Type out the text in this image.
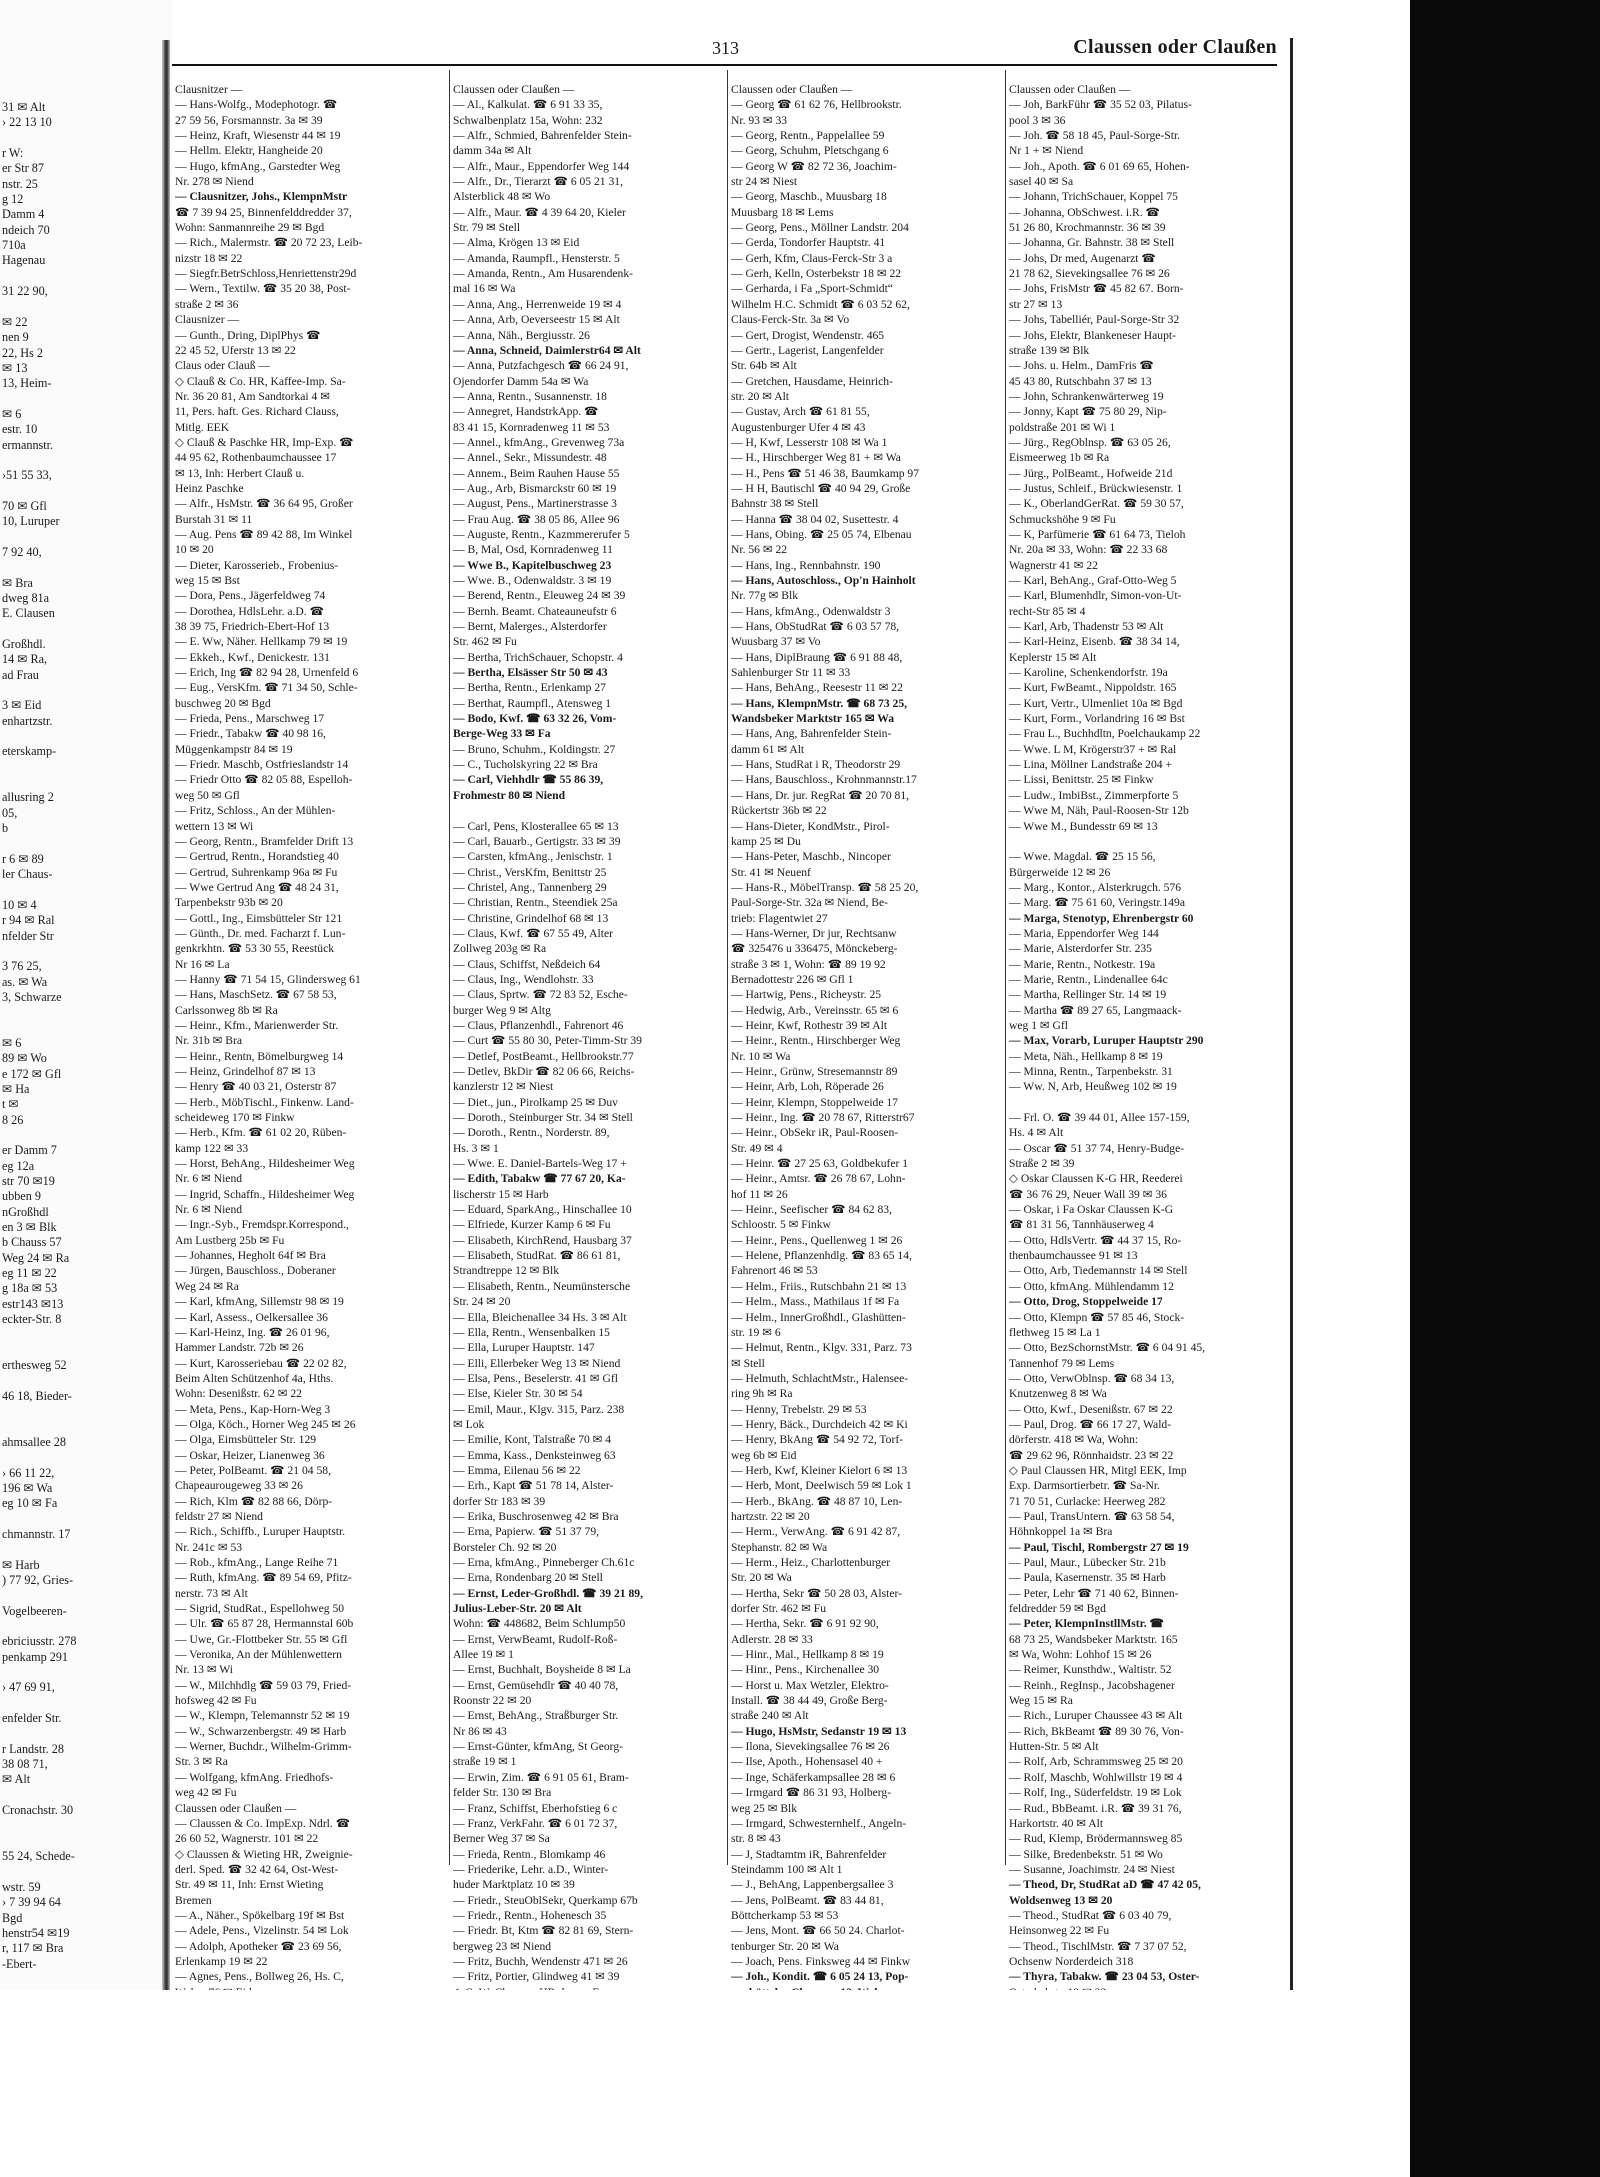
31 ✉ Alt
› 22 13 10
r W:
er Str 87
nstr. 25
g 12
Damm 4
ndeich 70
710a
Hagenau
31 22 90,
✉ 22
nen 9
22, Hs 2
✉ 13
13, Heim-
✉ 6
estr. 10
ermannstr.
›51 55 33,
70 ✉ Gfl
10, Luruper
7 92 40,
✉ Bra
dweg 81a
E. Clausen
Großhdl.
14 ✉ Ra,
ad Frau
3 ✉ Eid
enhartzstr.
eterskamp-
allusring 2
05,
b
r 6 ✉ 89
ler Chaus-
10 ✉ 4
r 94 ✉ Ral
nfelder Str
3 76 25,
as. ✉ Wa
3, Schwarze
✉ 6
89 ✉ Wo
e 172 ✉ Gfl
✉ Ha
t ✉
8 26
er Damm 7
eg 12a
str 70 ✉19
ubben 9
nGroßhdl
en 3 ✉ Blk
b Chauss 57
Weg 24 ✉ Ra
eg 11 ✉ 22
g 18a ✉ 53
estr143 ✉13
eckter-Str. 8
erthesweg 52
46 18, Bieder-
ahmsallee 28
› 66 11 22,
196 ✉ Wa
eg 10 ✉ Fa
chmannstr. 17
✉ Harb
) 77 92, Gries-
Vogelbeeren-
ebriciusstr. 278
penkamp 291
› 47 69 91,
enfelder Str.
r Landstr. 28
38 08 71,
✉ Alt
Cronachstr. 30
55 24, Schede-
wstr. 59
› 7 39 94 64
Bgd
henstr54 ✉19
r, 117 ✉ Bra
-Ebert-
313	Claussen oder Claußen
Clausnitzer —
— Hans-Wolfg., Modephotogr. ☎
27 59 56, Forsmannstr. 3a ✉ 39
— Heinz, Kraft, Wiesenstr 44 ✉ 19
— Hellm. Elektr, Hangheide 20
— Hugo, kfmAng., Garstedter Weg
Nr. 278 ✉ Niend
— Clausnitzer, Johs., KlempnMstr
☎ 7 39 94 25, Binnenfelddredder 37,
Wohn: Sanmannreihe 29 ✉ Bgd
— Rich., Malermstr. ☎ 20 72 23, Leib-
nizstr 18 ✉ 22
— Siegfr.BetrSchloss,Henriettenstr29d
— Wern., Textilw. ☎ 35 20 38, Post-
straße 2 ✉ 36
Clausnizer —
— Gunth., Dring, DiplPhys ☎
22 45 52, Uferstr 13 ✉ 22
Claus oder Clauß —
◇ Clauß & Co. HR, Kaffee-Imp. Sa-
Nr. 36 20 81, Am Sandtorkai 4 ✉
11, Pers. haft. Ges. Richard Clauss,
Mitlg. EEK
◇ Clauß & Paschke HR, Imp-Exp. ☎
44 95 62, Rothenbaumchaussee 17
✉ 13, Inh: Herbert Clauß u.
Heinz Paschke
— Alfr., HsMstr. ☎ 36 64 95, Großer
Burstah 31 ✉ 11
— Aug. Pens ☎ 89 42 88, Im Winkel
10 ✉ 20
— Dieter, Karosserieb., Frobenius-
weg 15 ✉ Bst
— Dora, Pens., Jägerfeldweg 74
— Dorothea, HdlsLehr. a.D. ☎
38 39 75, Friedrich-Ebert-Hof 13
— E. Ww, Näher. Hellkamp 79 ✉ 19
— Ekkeh., Kwf., Denickestr. 131
— Erich, Ing ☎ 82 94 28, Urnenfeld 6
— Eug., VersKfm. ☎ 71 34 50, Schle-
buschweg 20 ✉ Bgd
— Frieda, Pens., Marschweg 17
— Friedr., Tabakw ☎ 40 98 16,
Müggenkampstr 84 ✉ 19
— Friedr. Maschb, Ostfrieslandstr 14
— Friedr Otto ☎ 82 05 88, Espelloh-
weg 50 ✉ Gfl
— Fritz, Schloss., An der Mühlen-
wettern 13 ✉ Wi
— Georg, Rentn., Bramfelder Drift 13
— Gertrud, Rentn., Horandstieg 40
— Gertrud, Suhrenkamp 96a ✉ Fu
— Wwe Gertrud Ang ☎ 48 24 31,
Tarpenbekstr 93b ✉ 20
— Gottl., Ing., Eimsbütteler Str 121
— Günth., Dr. med. Facharzt f. Lun-
genkrkhtn. ☎ 53 30 55, Reestück
Nr 16 ✉ La
— Hanny ☎ 71 54 15, Glindersweg 61
— Hans, MaschSetz. ☎ 67 58 53,
Carlssonweg 8b ✉ Ra
— Heinr., Kfm., Marienwerder Str.
Nr. 31b ✉ Bra
— Heinr., Rentn, Bömelburgweg 14
— Heinz, Grindelhof 87 ✉ 13
— Henry ☎ 40 03 21, Osterstr 87
— Herb., MöbTischl., Finkenw. Land-
scheideweg 170 ✉ Finkw
— Herb., Kfm. ☎ 61 02 20, Rüben-
kamp 122 ✉ 33
— Horst, BehAng., Hildesheimer Weg
Nr. 6 ✉ Niend
— Ingrid, Schaffn., Hildesheimer Weg
Nr. 6 ✉ Niend
— Ingr.-Syb., Fremdspr.Korrespond.,
Am Lustberg 25b ✉ Fu
— Johannes, Hegholt 64f ✉ Bra
— Jürgen, Bauschloss., Doberaner
Weg 24 ✉ Ra
— Karl, kfmAng, Sillemstr 98 ✉ 19
— Karl, Assess., Oelkersallee 36
— Karl-Heinz, Ing. ☎ 26 01 96,
Hammer Landstr. 72b ✉ 26
— Kurt, Karosseriebau ☎ 22 02 82,
Beim Alten Schützenhof 4a, Hths.
Wohn: Desenißstr. 62 ✉ 22
— Meta, Pens., Kap-Horn-Weg 3
— Olga, Köch., Horner Weg 245 ✉ 26
— Olga, Eimsbütteler Str. 129
— Oskar, Heizer, Lianenweg 36
— Peter, PolBeamt. ☎ 21 04 58,
Chapeaurougeweg 33 ✉ 26
— Rich, Klm ☎ 82 88 66, Dörp-
feldstr 27 ✉ Niend
— Rich., Schiffb., Luruper Hauptstr.
Nr. 241c ✉ 53
— Rob., kfmAng., Lange Reihe 71
— Ruth, kfmAng. ☎ 89 54 69, Pfitz-
nerstr. 73 ✉ Alt
— Sigrid, StudRat., Espellohweg 50
— Ulr. ☎ 65 87 28, Hermannstal 60b
— Uwe, Gr.-Flottbeker Str. 55 ✉ Gfl
— Veronika, An der Mühlenwettern
Nr. 13 ✉ Wi
— W., Milchhdlg ☎ 59 03 79, Fried-
hofsweg 42 ✉ Fu
— W., Klempn, Telemannstr 52 ✉ 19
— W., Schwarzenbergstr. 49 ✉ Harb
— Werner, Buchdr., Wilhelm-Grimm-
Str. 3 ✉ Ra
— Wolfgang, kfmAng. Friedhofs-
weg 42 ✉ Fu
Claussen oder Claußen —
— Claussen & Co. ImpExp. Ndrl. ☎
26 60 52, Wagnerstr. 101 ✉ 22
◇ Claussen & Wieting HR, Zweignie-
derl. Sped. ☎ 32 42 64, Ost-West-
Str. 49 ✉ 11, Inh: Ernst Wieting
Bremen
— A., Näher., Spökelbarg 19f ✉ Bst
— Adele, Pens., Vizelinstr. 54 ✉ Lok
— Adolph, Apotheker ☎ 23 69 56,
Erlenkamp 19 ✉ 22
— Agnes, Pens., Bollweg 26, Hs. C,
Claussen oder Claußen —
— Al., Kalkulat. ☎ 6 91 33 35,
Schwalbenplatz 15a, Wohn: 232
— Alfr., Schmied, Bahrenfelder Stein-
damm 34a ✉ Alt
— Alfr., Maur., Eppendorfer Weg 144
— Alfr., Dr., Tierarzt ☎ 6 05 21 31,
Alsterblick 48 ✉ Wo
— Alfr., Maur. ☎ 4 39 64 20, Kieler
Str. 79 ✉ Stell
— Alma, Krögen 13 ✉ Eid
— Amanda, Raumpfl., Hensterstr. 5
— Amanda, Rentn., Am Husarendenk-
mal 16 ✉ Wa
— Anna, Ang., Herrenweide 19 ✉ 4
— Anna, Arb, Oeverseestr 15 ✉ Alt
— Anna, Näh., Bergiusstr. 26
— Anna, Schneid, Daimlerstr64 ✉ Alt
— Anna, Putzfachgesch ☎ 66 24 91,
Ojendorfer Damm 54a ✉ Wa
— Anna, Rentn., Susannenstr. 18
— Annegret, HandstrkApp. ☎
83 41 15, Kornradenweg 11 ✉ 53
— Annel., kfmAng., Grevenweg 73a
— Annel., Sekr., Missundestr. 48
— Annem., Beim Rauhen Hause 55
— Aug., Arb, Bismarckstr 60 ✉ 19
— August, Pens., Martinerstrasse 3
— Frau Aug. ☎ 38 05 86, Allee 96
— Auguste, Rentn., Kazmmererufer 5
— B, Mal, Osd, Kornradenweg 11
— Wwe B., Kapitelbuschweg 23
— Wwe. B., Odenwaldstr. 3 ✉ 19
— Berend, Rentn., Eleuweg 24 ✉ 39
— Bernh. Beamt. Chateauneufstr 6
— Bernt, Malerges., Alsterdorfer
Str. 462 ✉ Fu
— Bertha, TrichSchauer, Schopstr. 4
— Bertha, Elsässer Str 50 ✉ 43
— Bertha, Rentn., Erlenkamp 27
— Berthat, Raumpfl., Atensweg 1
— Bodo, Kwf. ☎ 63 32 26, Vom-
Berge-Weg 33 ✉ Fa
— Bruno, Schuhm., Koldingstr. 27
— C., Tucholskyring 22 ✉ Bra
— Carl, Viehhdlr ☎ 55 86 39,
Frohmestr 80 ✉ Niend
— Carl, Pens, Klosterallee 65 ✉ 13
— Carl, Bauarb., Gertigstr. 33 ✉ 39
— Carsten, kfmAng., Jenischstr. 1
— Christ., VersKfm, Benittstr 25
— Christel, Ang., Tannenberg 29
— Christian, Rentn., Steendiek 25a
— Christine, Grindelhof 68 ✉ 13
— Claus, Kwf. ☎ 67 55 49, Alter
Zollweg 203g ✉ Ra
— Claus, Schiffst, Neßdeich 64
— Claus, Ing., Wendlohstr. 33
— Claus, Sprtw. ☎ 72 83 52, Esche-
burger Weg 9 ✉ Altg
— Claus, Pflanzenhdl., Fahrenort 46
— Curt ☎ 55 80 30, Peter-Timm-Str 39
— Detlef, PostBeamt., Hellbrookstr.77
— Detlev, BkDir ☎ 82 06 66, Reichs-
kanzlerstr 12 ✉ Niest
— Diet., jun., Pirolkamp 25 ✉ Duv
— Doroth., Steinburger Str. 34 ✉ Stell
— Doroth., Rentn., Norderstr. 89,
Hs. 3 ✉ 1
— Wwe. E. Daniel-Bartels-Weg 17 +
— Edith, Tabakw ☎ 77 67 20, Ka-
lischerstr 15 ✉ Harb
— Eduard, SparkAng., Hinschallee 10
— Elfriede, Kurzer Kamp 6 ✉ Fu
— Elisabeth, KirchRend, Hausbarg 37
— Elisabeth, StudRat. ☎ 86 61 81,
Strandtreppe 12 ✉ Blk
— Elisabeth, Rentn., Neumünstersche
Str. 24 ✉ 20
— Ella, Bleichenallee 34 Hs. 3 ✉ Alt
— Ella, Rentn., Wensenbalken 15
— Ella, Luruper Hauptstr. 147
— Elli, Ellerbeker Weg 13 ✉ Niend
— Elsa, Pens., Beselerstr. 41 ✉ Gfl
— Else, Kieler Str. 30 ✉ 54
— Emil, Maur., Klgv. 315, Parz. 238
✉ Lok
— Emilie, Kont, Talstraße 70 ✉ 4
— Emma, Kass., Denksteinweg 63
— Emma, Eilenau 56 ✉ 22
— Erh., Kapt ☎ 51 78 14, Alster-
dorfer Str 183 ✉ 39
— Erika, Buschrosenweg 42 ✉ Bra
— Erna, Papierw. ☎ 51 37 79,
Borsteler Ch. 92 ✉ 20
— Erna, kfmAng., Pinneberger Ch.61c
— Erna, Rondenbarg 20 ✉ Stell
— Ernst, Leder-Großhdl. ☎ 39 21 89,
Julius-Leber-Str. 20 ✉ Alt
Wohn: ☎ 448682, Beim Schlump50
— Ernst, VerwBeamt, Rudolf-Roß-
Allee 19 ✉ 1
— Ernst, Buchhalt, Boysheide 8 ✉ La
— Ernst, Gemüsehdlr ☎ 40 40 78,
Roonstr 22 ✉ 20
— Ernst, BehAng., Straßburger Str.
Nr 86 ✉ 43
— Ernst-Günter, kfmAng, St Georg-
straße 19 ✉ 1
— Erwin, Zim. ☎ 6 91 05 61, Bram-
felder Str. 130 ✉ Bra
— Franz, Schiffst, Eberhofstieg 6 c
— Franz, VerkFahr. ☎ 6 01 72 37,
Berner Weg 37 ✉ Sa
— Frieda, Rentn., Blomkamp 46
— Friederike, Lehr. a.D., Winter-
huder Marktplatz 10 ✉ 39
— Friedr., SteuOblSekr, Querkamp 67b
— Friedr., Rentn., Hohenesch 35
— Friedr. Bt, Ktm ☎ 82 81 69, Stern-
bergweg 23 ✉ Niend
— Fritz, Buchh, Wendenstr 471 ✉ 26
— Fritz, Portier, Glindweg 41 ✉ 39
Claussen oder Claußen —
— Georg ☎ 61 62 76, Hellbrookstr.
Nr. 93 ✉ 33
— Georg, Rentn., Pappelallee 59
— Georg, Schuhm, Pletschgang 6
— Georg W ☎ 82 72 36, Joachim-
str 24 ✉ Niest
— Georg, Maschb., Muusbarg 18
Muusbarg 18 ✉ Lems
— Georg, Pens., Möllner Landstr. 204
— Gerda, Tondorfer Hauptstr. 41
— Gerh, Kfm, Claus-Ferck-Str 3 a
— Gerh, Kelln, Osterbekstr 18 ✉ 22
— Gerharda, i Fa „Sport-Schmidt“
Wilhelm H.C. Schmidt ☎ 6 03 52 62,
Claus-Ferck-Str. 3a ✉ Vo
— Gert, Drogist, Wendenstr. 465
— Gertr., Lagerist, Langenfelder
Str. 64b ✉ Alt
— Gretchen, Hausdame, Heinrich-
str. 20 ✉ Alt
— Gustav, Arch ☎ 61 81 55,
Augustenburger Ufer 4 ✉ 43
— H, Kwf, Lesserstr 108 ✉ Wa 1
— H., Hirschberger Weg 81 + ✉ Wa
— H., Pens ☎ 51 46 38, Baumkamp 97
— H H, Bautischl ☎ 40 94 29, Große
Bahnstr 38 ✉ Stell
— Hanna ☎ 38 04 02, Susettestr. 4
— Hans, Obing. ☎ 25 05 74, Elbenau
Nr. 56 ✉ 22
— Hans, Ing., Rennbahnstr. 190
— Hans, Autoschloss., Op'n Hainholt
Nr. 77g ✉ Blk
— Hans, kfmAng., Odenwaldstr 3
— Hans, ObStudRat ☎ 6 03 57 78,
Wuusbarg 37 ✉ Vo
— Hans, DiplBraung ☎ 6 91 88 48,
Sahlenburger Str 11 ✉ 33
— Hans, BehAng., Reesestr 11 ✉ 22
— Hans, KlempnMstr. ☎ 68 73 25,
Wandsbeker Marktstr 165 ✉ Wa
— Hans, Ang, Bahrenfelder Stein-
damm 61 ✉ Alt
— Hans, StudRat i R, Theodorstr 29
— Hans, Bauschloss., Krohnmannstr.17
— Hans, Dr. jur. RegRat ☎ 20 70 81,
Rückertstr 36b ✉ 22
— Hans-Dieter, KondMstr., Pirol-
kamp 25 ✉ Du
— Hans-Peter, Maschb., Nincoper
Str. 41 ✉ Neuenf
— Hans-R., MöbelTransp. ☎ 58 25 20,
Paul-Sorge-Str. 32a ✉ Niend, Be-
trieb: Flagentwiet 27
— Hans-Werner, Dr jur, Rechtsanw
☎ 325476 u 336475, Mönckeberg-
straße 3 ✉ 1, Wohn: ☎ 89 19 92
Bernadottestr 226 ✉ Gfl 1
— Hartwig, Pens., Richeystr. 25
— Hedwig, Arb., Vereinsstr. 65 ✉ 6
— Heinr, Kwf, Rothestr 39 ✉ Alt
— Heinr., Rentn., Hirschberger Weg
Nr. 10 ✉ Wa
— Heinr., Grünw, Stresemannstr 89
— Heinr, Arb, Loh, Röperade 26
— Heinr, Klempn, Stoppelweide 17
— Heinr., Ing. ☎ 20 78 67, Ritterstr67
— Heinr., ObSekr iR, Paul-Roosen-
Str. 49 ✉ 4
— Heinr. ☎ 27 25 63, Goldbekufer 1
— Heinr., Amtsr. ☎ 26 78 67, Lohn-
hof 11 ✉ 26
— Heinr., Seefischer ☎ 84 62 83,
Schloostr. 5 ✉ Finkw
— Heinr., Pens., Quellenweg 1 ✉ 26
— Helene, Pflanzenhdlg. ☎ 83 65 14,
Fahrenort 46 ✉ 53
— Helm., Friis., Rutschbahn 21 ✉ 13
— Helm., Mass., Mathilaus 1f ✉ Fa
— Helm., InnerGroßhdl., Glashütten-
str. 19 ✉ 6
— Helmut, Rentn., Klgv. 331, Parz. 73
✉ Stell
— Helmuth, SchlachtMstr., Halensee-
ring 9h ✉ Ra
— Henny, Trebelstr. 29 ✉ 53
— Henry, Bäck., Durchdeich 42 ✉ Ki
— Henry, BkAng ☎ 54 92 72, Torf-
weg 6b ✉ Eid
— Herb, Kwf, Kleiner Kielort 6 ✉ 13
— Herb, Mont, Deelwisch 59 ✉ Lok 1
— Herb., BkAng. ☎ 48 87 10, Len-
hartzstr. 22 ✉ 20
— Herm., VerwAng. ☎ 6 91 42 87,
Stephanstr. 82 ✉ Wa
— Herm., Heiz., Charlottenburger
Str. 20 ✉ Wa
— Hertha, Sekr ☎ 50 28 03, Alster-
dorfer Str. 462 ✉ Fu
— Hertha, Sekr. ☎ 6 91 92 90,
Adlerstr. 28 ✉ 33
— Hinr., Mal., Hellkamp 8 ✉ 19
— Hinr., Pens., Kirchenallee 30
— Horst u. Max Wetzler, Elektro-
Install. ☎ 38 44 49, Große Berg-
straße 240 ✉ Alt
— Hugo, HsMstr, Sedanstr 19 ✉ 13
— Ilona, Sievekingsallee 76 ✉ 26
— Ilse, Apoth., Hohensasel 40 +
— Inge, Schäferkampsallee 28 ✉ 6
— Irmgard ☎ 86 31 93, Holberg-
weg 25 ✉ Blk
— Irmgard, Schwesternhelf., Angeln-
str. 8 ✉ 43
— J, Stadtamtm iR, Bahrenfelder
Steindamm 100 ✉ Alt 1
— J., BehAng, Lappenbergsallee 3
— Jens, PolBeamt. ☎ 83 44 81,
Böttcherkamp 53 ✉ 53
— Jens, Mont. ☎ 66 50 24. Charlot-
tenburger Str. 20 ✉ Wa
— Joach, Pens. Finksweg 44 ✉ Finkw
— Joh., Kondit. ☎ 6 05 24 13, Pop-
Claussen oder Claußen —
— Joh, BarkFühr ☎ 35 52 03, Pilatus-
pool 3 ✉ 36
— Joh. ☎ 58 18 45, Paul-Sorge-Str.
Nr 1 + ✉ Niend
— Joh., Apoth. ☎ 6 01 69 65, Hohen-
sasel 40 ✉ Sa
— Johann, TrichSchauer, Koppel 75
— Johanna, ObSchwest. i.R. ☎
51 26 80, Krochmannstr. 36 ✉ 39
— Johanna, Gr. Bahnstr. 38 ✉ Stell
— Johs, Dr med, Augenarzt ☎
21 78 62, Sievekingsallee 76 ✉ 26
— Johs, FrisMstr ☎ 45 82 67. Born-
str 27 ✉ 13
— Johs, Tabelliér, Paul-Sorge-Str 32
— Johs, Elektr, Blankeneser Haupt-
straße 139 ✉ Blk
— Johs. u. Helm., DamFris ☎
45 43 80, Rutschbahn 37 ✉ 13
— John, Schrankenwärterweg 19
— Jonny, Kapt ☎ 75 80 29, Nip-
poldstraße 201 ✉ Wi 1
— Jürg., RegOblnsp. ☎ 63 05 26,
Eismeerweg 1b ✉ Ra
— Jürg., PolBeamt., Hofweide 21d
— Justus, Schleif., Brückwiesenstr. 1
— K., OberlandGerRat. ☎ 59 30 57,
Schmuckshöhe 9 ✉ Fu
— K, Parfümerie ☎ 61 64 73, Tieloh
Nr. 20a ✉ 33, Wohn: ☎ 22 33 68
Wagnerstr 41 ✉ 22
— Karl, BehAng., Graf-Otto-Weg 5
— Karl, Blumenhdlr, Simon-von-Ut-
recht-Str 85 ✉ 4
— Karl, Arb, Thadenstr 53 ✉ Alt
— Karl-Heinz, Eisenb. ☎ 38 34 14,
Keplerstr 15 ✉ Alt
— Karoline, Schenkendorfstr. 19a
— Kurt, FwBeamt., Nippoldstr. 165
— Kurt, Vertr., Ulmenliet 10a ✉ Bgd
— Kurt, Form., Vorlandring 16 ✉ Bst
— Frau L., Buchhdltn, Poelchaukamp 22
— Wwe. L M, Krögerstr37 + ✉ Ral
— Lina, Möllner Landstraße 204 +
— Lissi, Benittstr. 25 ✉ Finkw
— Ludw., ImbiBst., Zimmerpforte 5
— Wwe M, Näh, Paul-Roosen-Str 12b
— Wwe M., Bundesstr 69 ✉ 13
— Wwe. Magdal. ☎ 25 15 56,
Bürgerweide 12 ✉ 26
— Marg., Kontor., Alsterkrugch. 576
— Marg. ☎ 75 61 60, Veringstr.149a
— Marga, Stenotyp, Ehrenbergstr 60
— Maria, Eppendorfer Weg 144
— Marie, Alsterdorfer Str. 235
— Marie, Rentn., Notkestr. 19a
— Marie, Rentn., Lindenallee 64c
— Martha, Rellinger Str. 14 ✉ 19
— Martha ☎ 89 27 65, Langmaack-
weg 1 ✉ Gfl
— Max, Vorarb, Luruper Hauptstr 290
— Meta, Näh., Hellkamp 8 ✉ 19
— Minna, Rentn., Tarpenbekstr. 31
— Ww. N, Arb, Heußweg 102 ✉ 19
— Frl. O. ☎ 39 44 01, Allee 157-159,
Hs. 4 ✉ Alt
— Oscar ☎ 51 37 74, Henry-Budge-
Straße 2 ✉ 39
◇ Oskar Claussen K-G HR, Reederei
☎ 36 76 29, Neuer Wall 39 ✉ 36
— Oskar, i Fa Oskar Claussen K-G
☎ 81 31 56, Tannhäuserweg 4
— Otto, HdlsVertr. ☎ 44 37 15, Ro-
thenbaumchaussee 91 ✉ 13
— Otto, Arb, Tiedemannstr 14 ✉ Stell
— Otto, kfmAng. Mühlendamm 12
— Otto, Drog, Stoppelweide 17
— Otto, Klempn ☎ 57 85 46, Stock-
flethweg 15 ✉ La 1
— Otto, BezSchornstMstr. ☎ 6 04 91 45,
Tannenhof 79 ✉ Lems
— Otto, VerwOblnsp. ☎ 68 34 13,
Knutzenweg 8 ✉ Wa
— Otto, Kwf., Desenißstr. 67 ✉ 22
— Paul, Drog. ☎ 66 17 27, Wald-
dörferstr. 418 ✉ Wa, Wohn:
☎ 29 62 96, Rönnhaidstr. 23 ✉ 22
◇ Paul Claussen HR, Mitgl EEK, Imp
Exp. Darmsortierbetr. ☎ Sa-Nr.
71 70 51, Curlacke: Heerweg 282
— Paul, TransUntern. ☎ 63 58 54,
Höhnkoppel 1a ✉ Bra
— Paul, Tischl, Rombergstr 27 ✉ 19
— Paul, Maur., Lübecker Str. 21b
— Paula, Kasernenstr. 35 ✉ Harb
— Peter, Lehr ☎ 71 40 62, Binnen-
feldredder 59 ✉ Bgd
— Peter, KlempnInstllMstr. ☎
68 73 25, Wandsbeker Marktstr. 165
✉ Wa, Wohn: Lohhof 15 ✉ 26
— Reimer, Kunsthdw., Waltistr. 52
— Reinh., RegInsp., Jacobshagener
Weg 15 ✉ Ra
— Rich., Luruper Chaussee 43 ✉ Alt
— Rich, BkBeamt ☎ 89 30 76, Von-
Hutten-Str. 5 ✉ Alt
— Rolf, Arb, Schrammsweg 25 ✉ 20
— Rolf, Maschb, Wohlwillstr 19 ✉ 4
— Rolf, Ing., Süderfeldstr. 19 ✉ Lok
— Rud., BbBeamt. i.R. ☎ 39 31 76,
Harkortstr. 40 ✉ Alt
— Rud, Klemp, Brödermannsweg 85
— Silke, Bredenbekstr. 51 ✉ Wo
— Susanne, Joachimstr. 24 ✉ Niest
— Theod, Dr, StudRat aD ☎ 47 42 05,
Woldsenweg 13 ✉ 20
— Theod., StudRat ☎ 6 03 40 79,
Heinsonweg 22 ✉ Fu
— Theod., TischlMstr. ☎ 7 37 07 52,
Ochsenw Norderdeich 318
— Thyra, Tabakw. ☎ 23 04 53, Oster-
